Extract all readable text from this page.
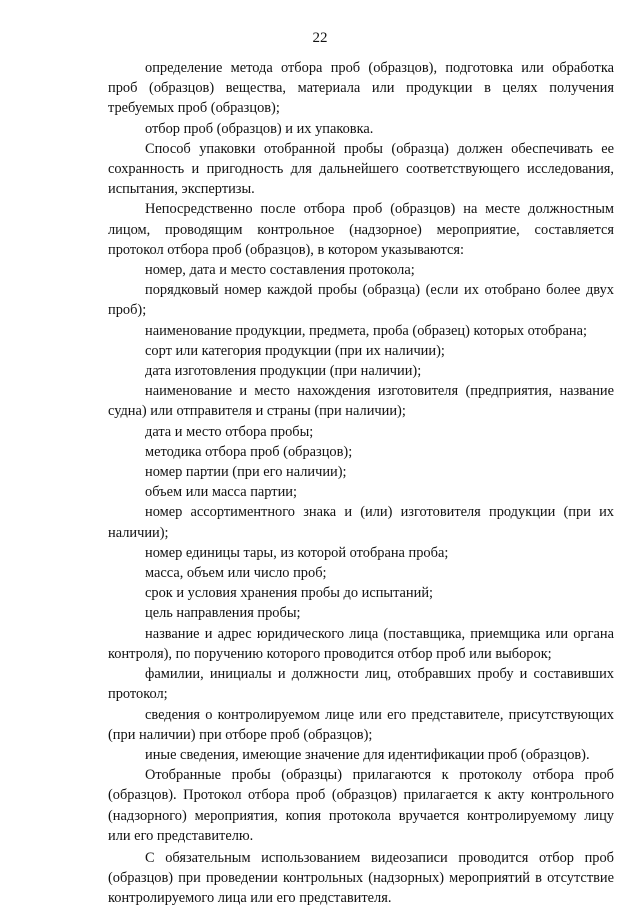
22

определение метода отбора проб (образцов), подготовка или обработка проб (образцов) вещества, материала или продукции в целях получения требуемых проб (образцов);

отбор проб (образцов) и их упаковка.

Способ упаковки отобранной пробы (образца) должен обеспечивать ее сохранность и пригодность для дальнейшего соответствующего исследования, испытания, экспертизы.

Непосредственно после отбора проб (образцов) на месте должностным лицом, проводящим контрольное (надзорное) мероприятие, составляется протокол отбора проб (образцов), в котором указываются:

номер, дата и место составления протокола;

порядковый номер каждой пробы (образца) (если их отобрано более двух проб);

наименование продукции, предмета, проба (образец) которых отобрана;

сорт или категория продукции (при их наличии);

дата изготовления продукции (при наличии);

наименование и место нахождения изготовителя (предприятия, название судна) или отправителя и страны (при наличии);

дата и место отбора пробы;

методика отбора проб (образцов);

номер партии (при его наличии);

объем или масса партии;

номер ассортиментного знака и (или) изготовителя продукции (при их наличии);

номер единицы тары, из которой отобрана проба;

масса, объем или число проб;

срок и условия хранения пробы до испытаний;

цель направления пробы;

название и адрес юридического лица (поставщика, приемщика или органа контроля), по поручению которого проводится отбор проб или выборок;

фамилии, инициалы и должности лиц, отобравших пробу и составивших протокол;

сведения о контролируемом лице или его представителе, присутствующих (при наличии) при отборе проб (образцов);

иные сведения, имеющие значение для идентификации проб (образцов).

Отобранные пробы (образцы) прилагаются к протоколу отбора проб (образцов). Протокол отбора проб (образцов) прилагается к акту контрольного (надзорного) мероприятия, копия протокола вручается контролируемому лицу или его представителю.

С обязательным использованием видеозаписи проводится отбор проб (образцов) при проведении контрольных (надзорных) мероприятий в отсутствие контролируемого лица или его представителя.
